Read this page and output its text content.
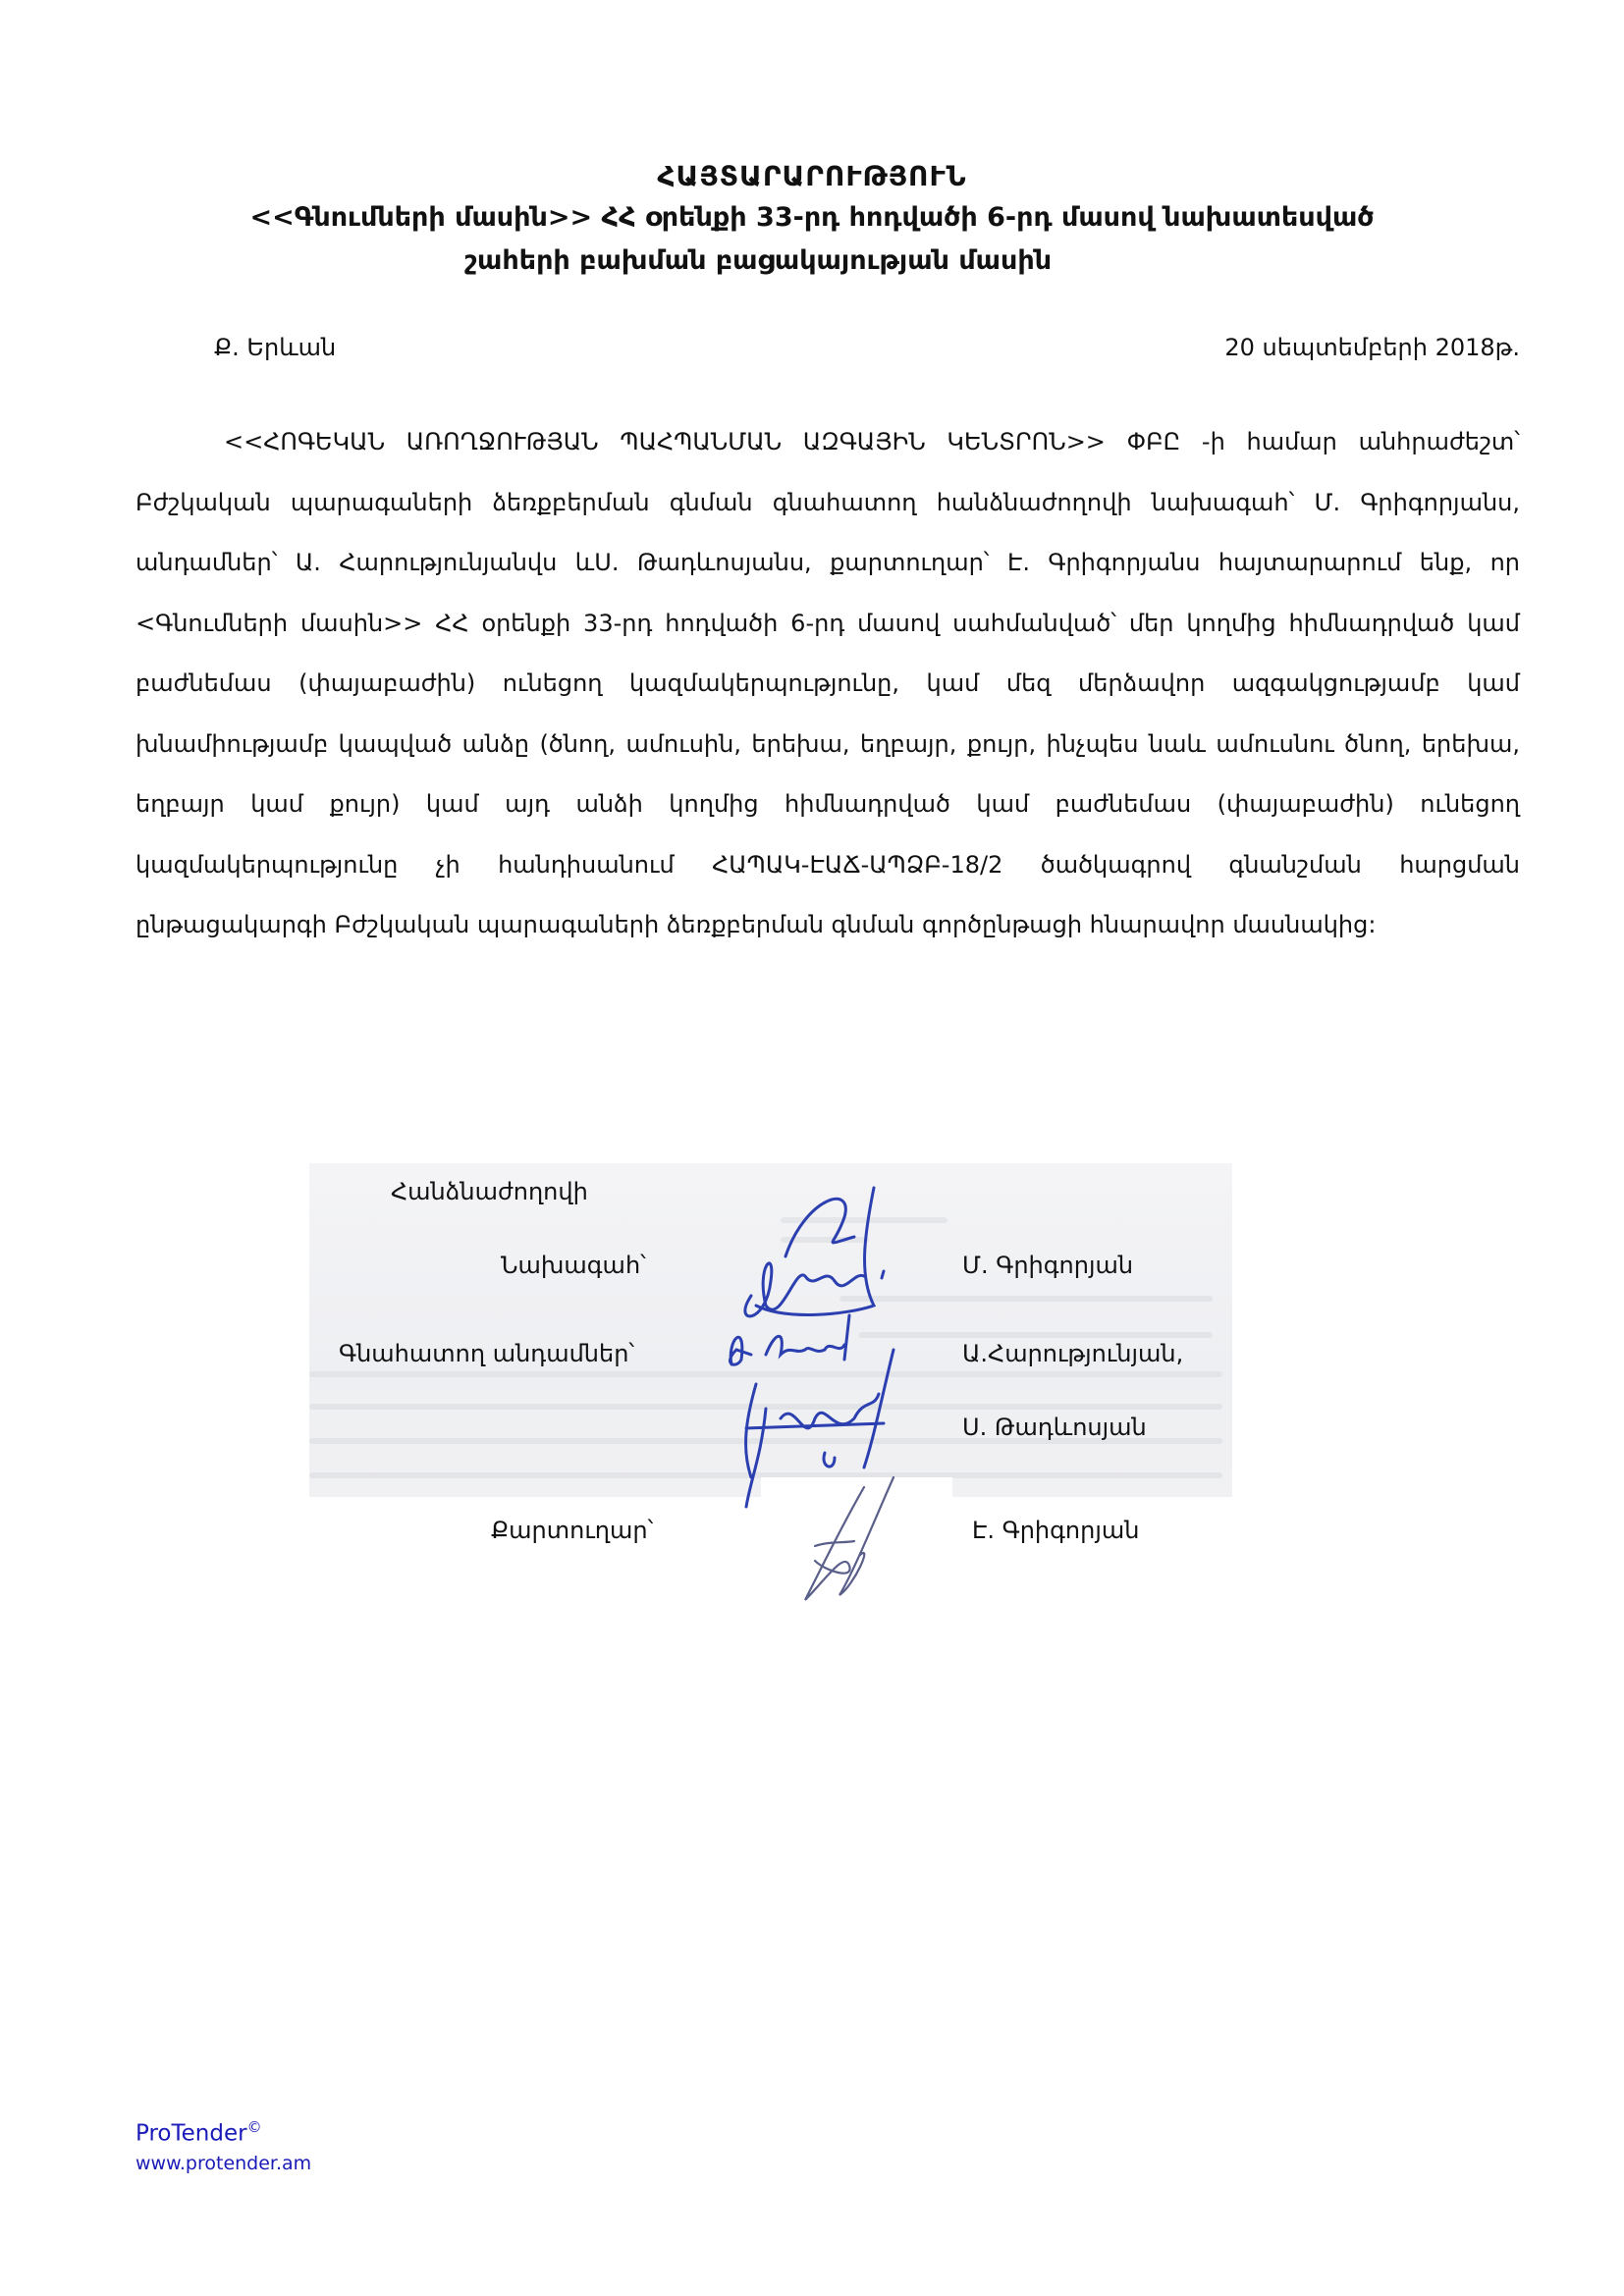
ՀԱՅՏԱՐԱՐՈՒԹՅՈՒՆ
<<Գնումների մասին>> ՀՀ օրենքի 33-րդ հոդվածի 6-րդ մասով նախատեսված
շահերի բախման բացակայության մասին
Ք. Երևան	20 սեպտեմբերի 2018թ.

<<ՀՈԳԵԿԱՆ ԱՌՈՂՋՈՒԹՅԱՆ ՊԱՀՊԱՆՄԱՆ ԱԶԳԱՅԻՆ ԿԵՆՏՐՈՆ>> ՓԲԸ -ի համար անհրաժեշտ՝ Բժշկական պարագաների ձեռքբերման գնման գնահատող հանձնաժողովի նախագահ՝ Մ. Գրիգորյանս, անդամներ՝ Ա. Հարությունյանվս ևՍ. Թադևոսյանս, քարտուղար՝ Է. Գրիգորյանս հայտարարում ենք, որ <Գնումների մասին>> ՀՀ օրենքի 33-րդ հոդվածի 6-րդ մասով սահմանված՝ մեր կողմից հիմնադրված կամ բաժնեմաս (փայաբաժին) ունեցող կազմակերպությունը, կամ մեզ մերձավոր ազգակցությամբ կամ խնամիությամբ կապված անձը (ծնող, ամուսին, երեխա, եղբայր, քույր, ինչպես նաև ամուսնու ծնող, երեխա, եղբայր կամ քույր) կամ այդ անձի կողմից հիմնադրված կամ բաժնեմաս (փայաբաժին) ունեցող կազմակերպությունը չի հանդիսանում ՀԱՊԱԿ-ԷԱՃ-ԱՊՁԲ-18/2 ծածկագրով գնանշման հարցման ընթացակարգի Բժշկական պարագաների ձեռքբերման գնման գործընթացի հնարավոր մասնակից:

Հանձնաժողովի
Նախագահ՝	Մ. Գրիգորյան
Գնահատող անդամներ՝	Ա.Հարությունյան,
Ս. Թադևոսյան
Քարտուղար՝	Է. Գրիգորյան
ProTender©
www.protender.am
